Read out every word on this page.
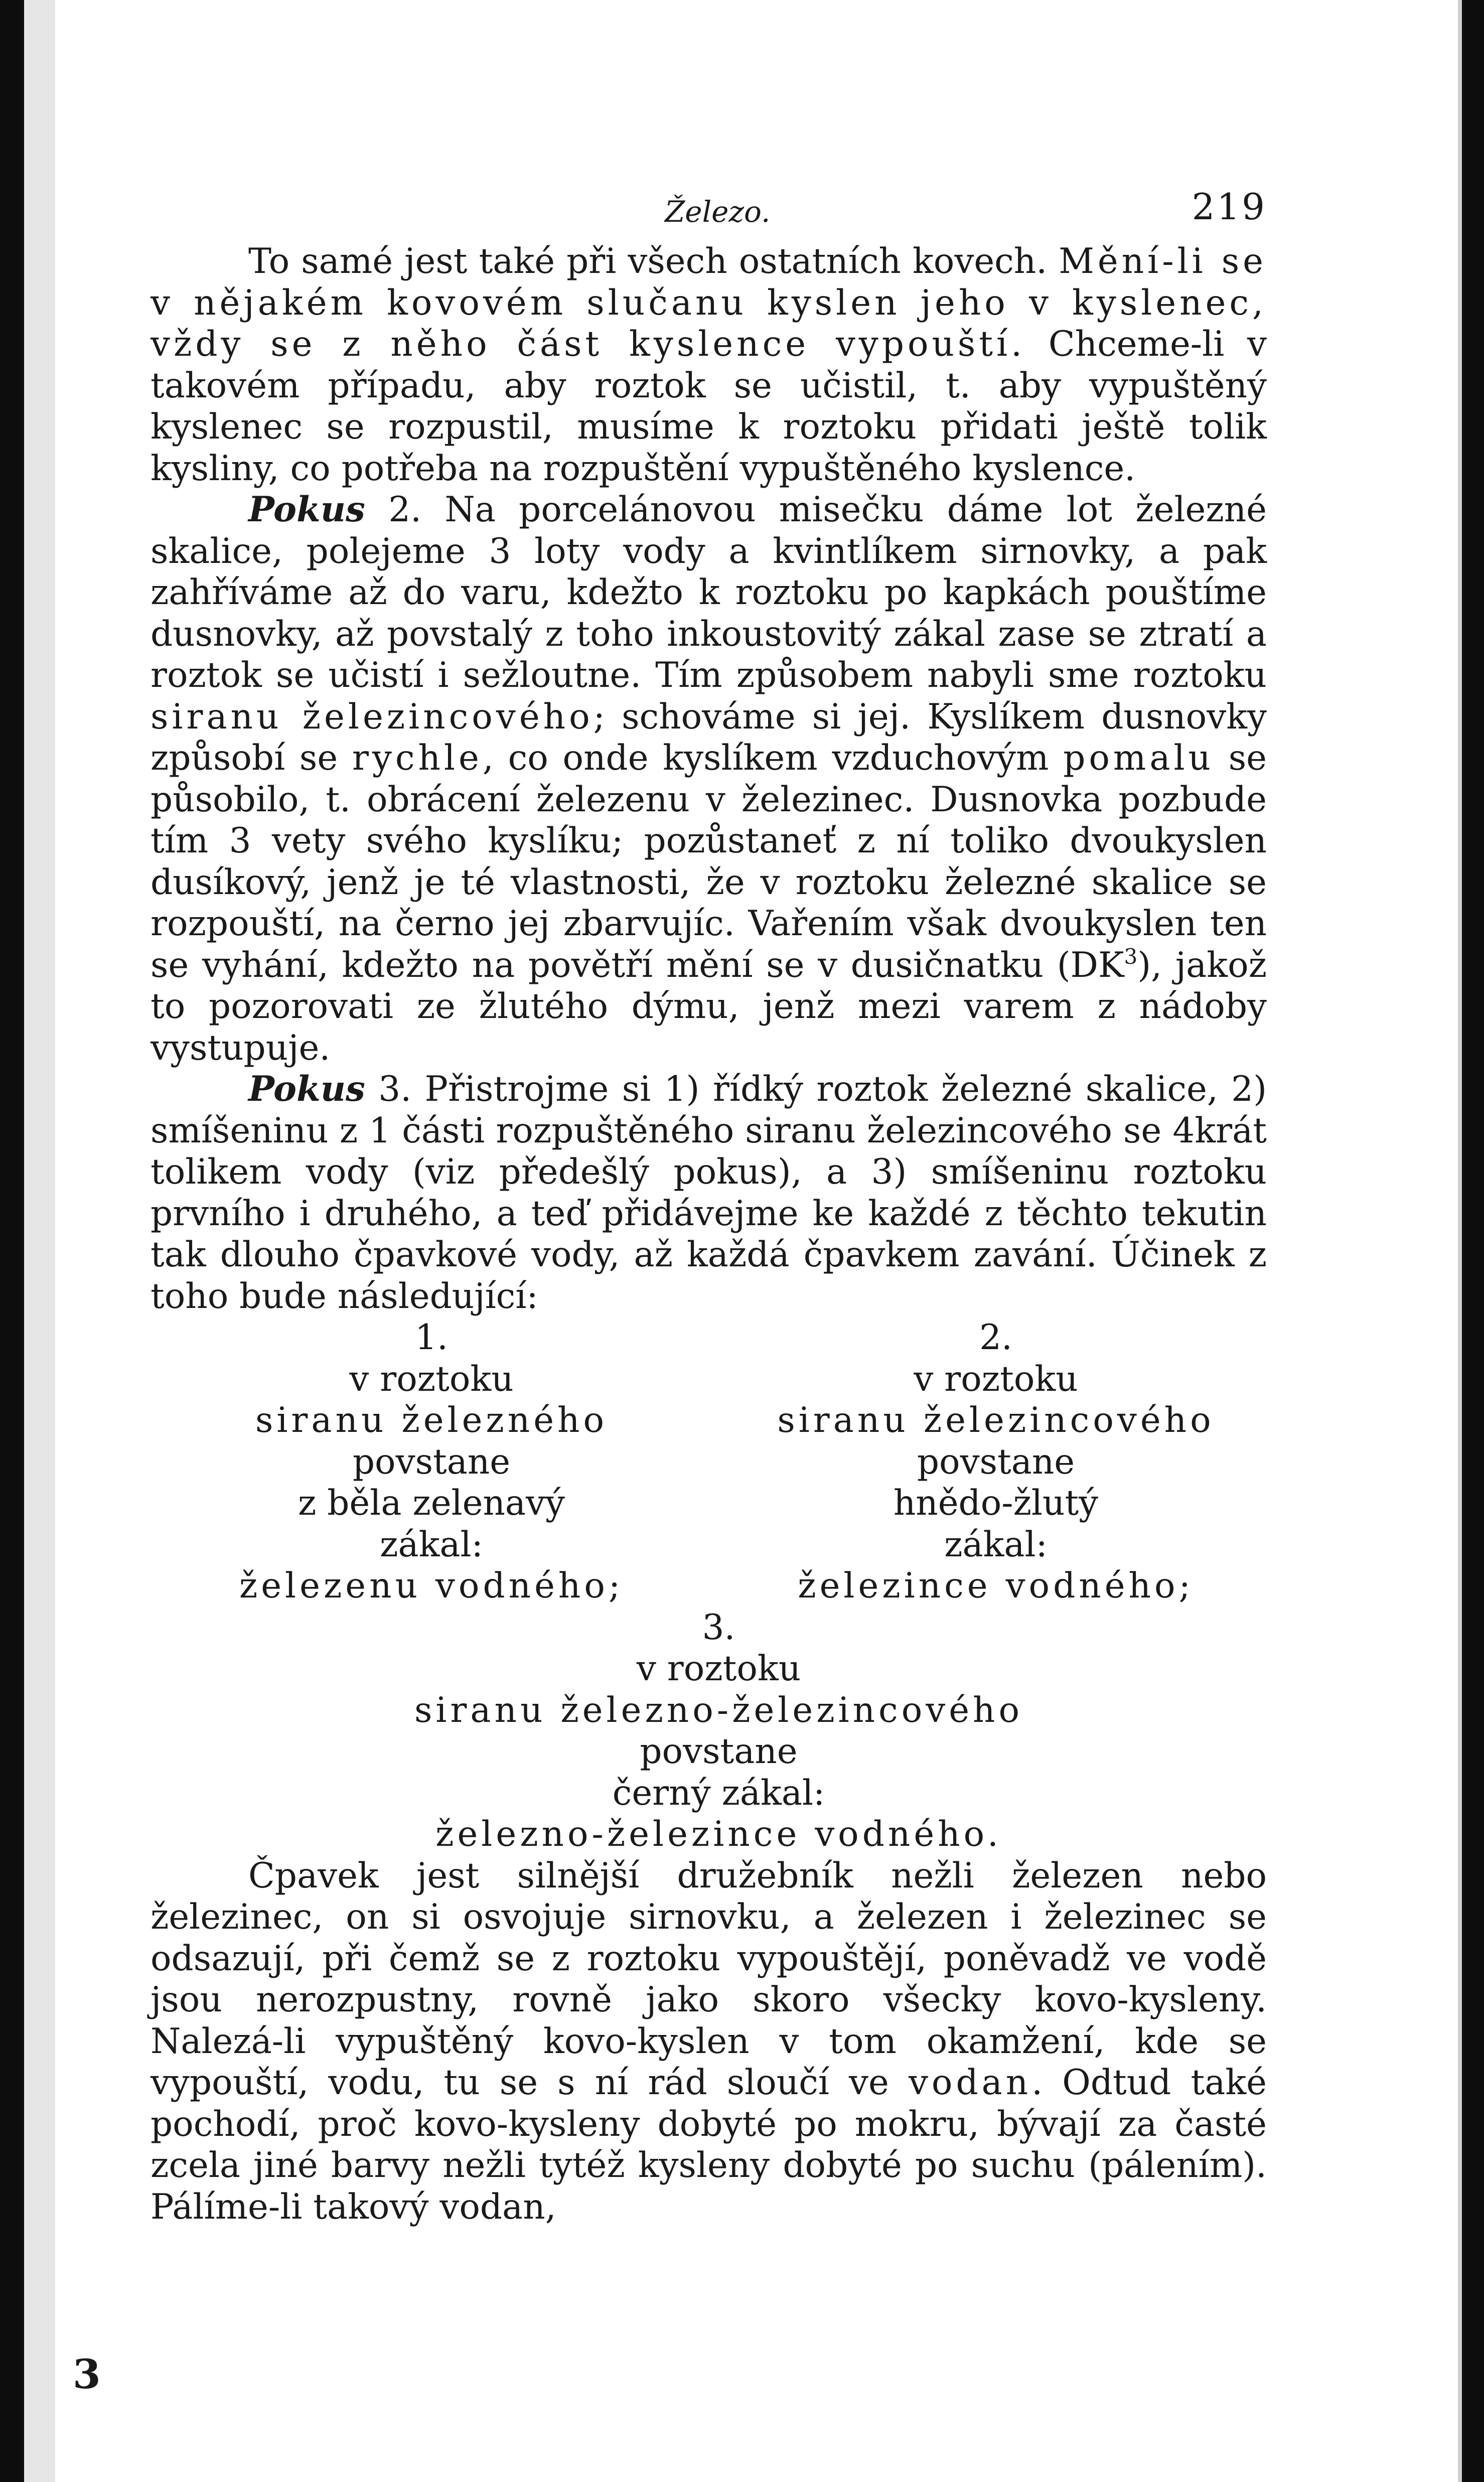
Železo.	219

To samé jest také při všech ostatních kovech. Mění-li se v nějakém kovovém slučanu kyslen jeho v kyslenec, vždy se z něho část kyslence vypouští. Chceme-li v takovém případu, aby roztok se učistil, t. aby vypuštěný kyslenec se rozpustil, musíme k roztoku přidati ještě tolik kysliny, co potřeba na rozpuštění vypuštěného kyslence.

Pokus 2. Na porcelánovou misečku dáme lot železné skalice, polejeme 3 loty vody a kvintlíkem sirnovky, a pak zahříváme až do varu, kdežto k roztoku po kapkách pouštíme dusnovky, až povstalý z toho inkoustovitý zákal zase se ztratí a roztok se učistí i sežloutne. Tím způsobem nabyli sme roztoku siranu železincového; schováme si jej. Kyslíkem dusnovky způsobí se rychle, co onde kyslíkem vzduchovým pomalu se působilo, t. obrácení železenu v železinec. Dusnovka pozbude tím 3 vety svého kyslíku; pozůstaneť z ní toliko dvoukyslen dusíkový, jenž je té vlastnosti, že v roztoku železné skalice se rozpouští, na černo jej zbarvujíc. Vařením však dvoukyslen ten se vyhání, kdežto na povětří mění se v dusičnatku $(DK^3)$, jakož to pozorovati ze žlutého dýmu, jenž mezi varem z nádoby vystupuje.

Pokus 3. Přistrojme si 1) řídký roztok železné skalice, 2) smíšeninu z 1 části rozpuštěného siranu železincového se 4krát tolikem vody (viz předešlý pokus), a 3) smíšeninu roztoku prvního i druhého, a teď přidávejme ke každé z těchto tekutin tak dlouho čpavkové vody, až každá čpavkem zavání. Účinek z toho bude následující:

1.
v roztoku
siranu železného
povstane
z běla zelenavý
zákal:
železenu vodného;
2.
v roztoku
siranu železincového
povstane
hnědo-žlutý
zákal:
železince vodného;
3.
v roztoku
siranu železno-železincového
povstane
černý zákal:
železno-železince vodného.

Čpavek jest silnější družebník nežli železen nebo železinec, on si osvojuje sirnovku, a železen i železinec se odsazují, při čemž se z roztoku vypouštějí, poněvadž ve vodě jsou nerozpustny, rovně jako skoro všecky kovo-kysleny. Nalezá-li vypuštěný kovo-kyslen v tom okamžení, kde se vypouští, vodu, tu se s ní rád sloučí ve vodan. Odtud také pochodí, proč kovo-kysleny dobyté po mokru, bývají za časté zcela jiné barvy nežli tytéž kysleny dobyté po suchu (pálením). Pálíme-li takový vodan,

3
